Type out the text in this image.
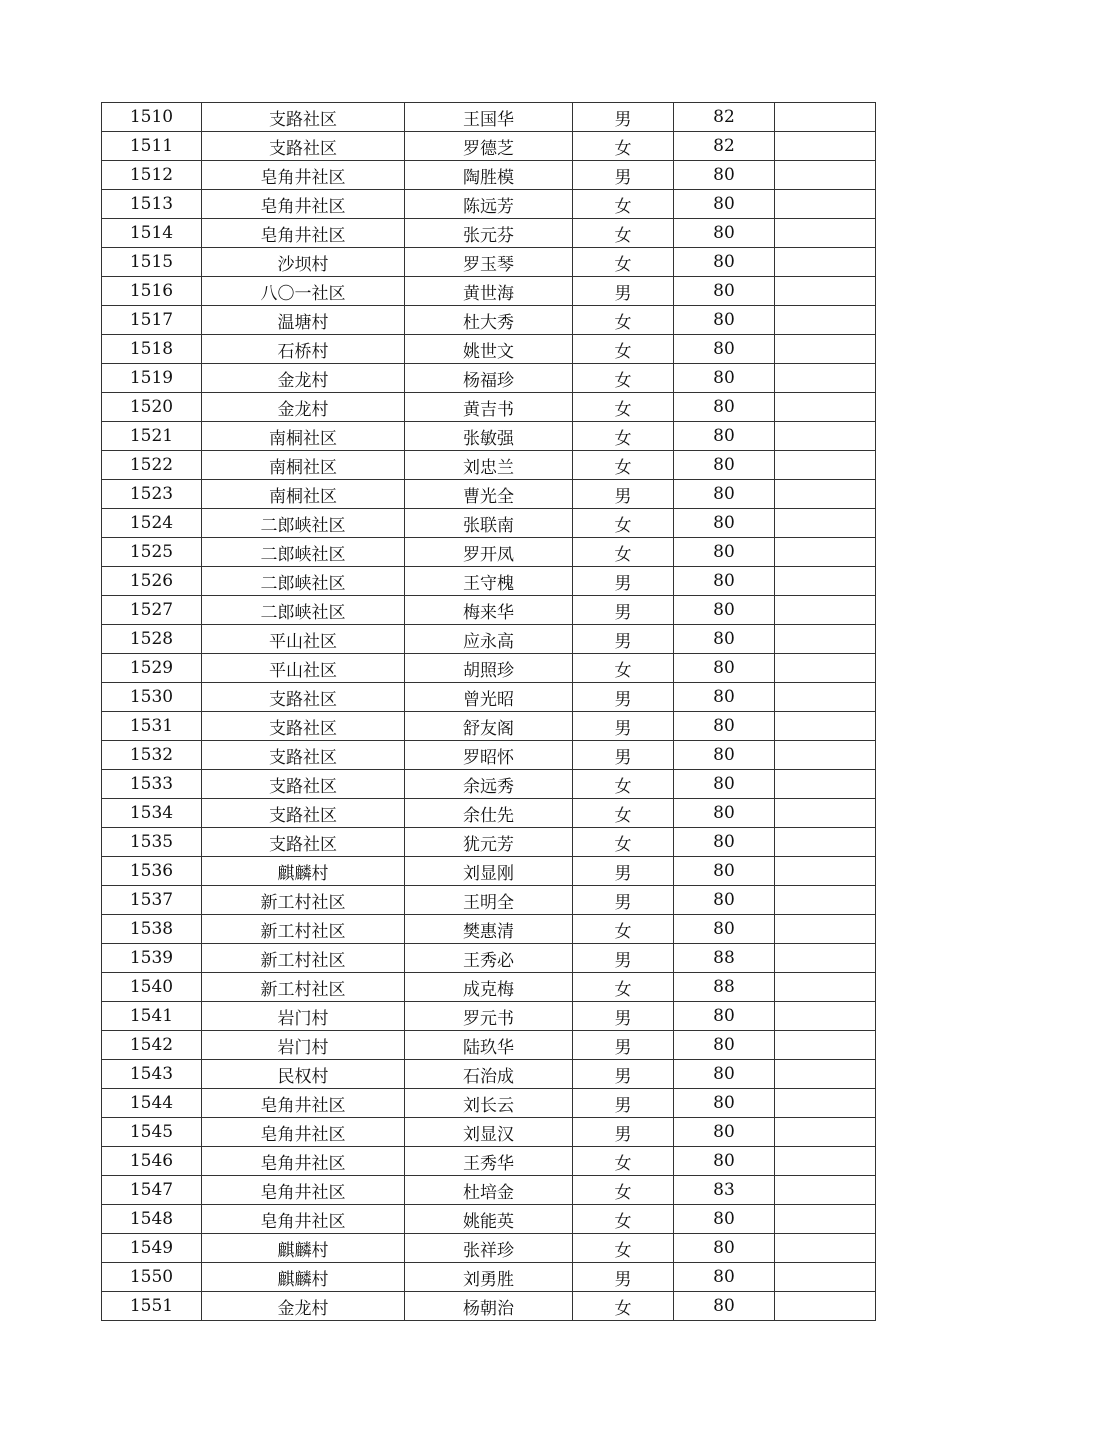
1510	支路社区	王国华	男	82	
1511	支路社区	罗德芝	女	82	
1512	皂角井社区	陶胜模	男	80	
1513	皂角井社区	陈远芳	女	80	
1514	皂角井社区	张元芬	女	80	
1515	沙坝村	罗玉琴	女	80	
1516	八〇一社区	黄世海	男	80	
1517	温塘村	杜大秀	女	80	
1518	石桥村	姚世文	女	80	
1519	金龙村	杨福珍	女	80	
1520	金龙村	黄吉书	女	80	
1521	南桐社区	张敏强	女	80	
1522	南桐社区	刘忠兰	女	80	
1523	南桐社区	曹光全	男	80	
1524	二郎峡社区	张联南	女	80	
1525	二郎峡社区	罗开凤	女	80	
1526	二郎峡社区	王守槐	男	80	
1527	二郎峡社区	梅来华	男	80	
1528	平山社区	应永高	男	80	
1529	平山社区	胡照珍	女	80	
1530	支路社区	曾光昭	男	80	
1531	支路社区	舒友阁	男	80	
1532	支路社区	罗昭怀	男	80	
1533	支路社区	余远秀	女	80	
1534	支路社区	余仕先	女	80	
1535	支路社区	犹元芳	女	80	
1536	麒麟村	刘显刚	男	80	
1537	新工村社区	王明全	男	80	
1538	新工村社区	樊惠清	女	80	
1539	新工村社区	王秀必	男	88	
1540	新工村社区	成克梅	女	88	
1541	岩门村	罗元书	男	80	
1542	岩门村	陆玖华	男	80	
1543	民权村	石治成	男	80	
1544	皂角井社区	刘长云	男	80	
1545	皂角井社区	刘显汉	男	80	
1546	皂角井社区	王秀华	女	80	
1547	皂角井社区	杜培金	女	83	
1548	皂角井社区	姚能英	女	80	
1549	麒麟村	张祥珍	女	80	
1550	麒麟村	刘勇胜	男	80	
1551	金龙村	杨朝治	女	80	
